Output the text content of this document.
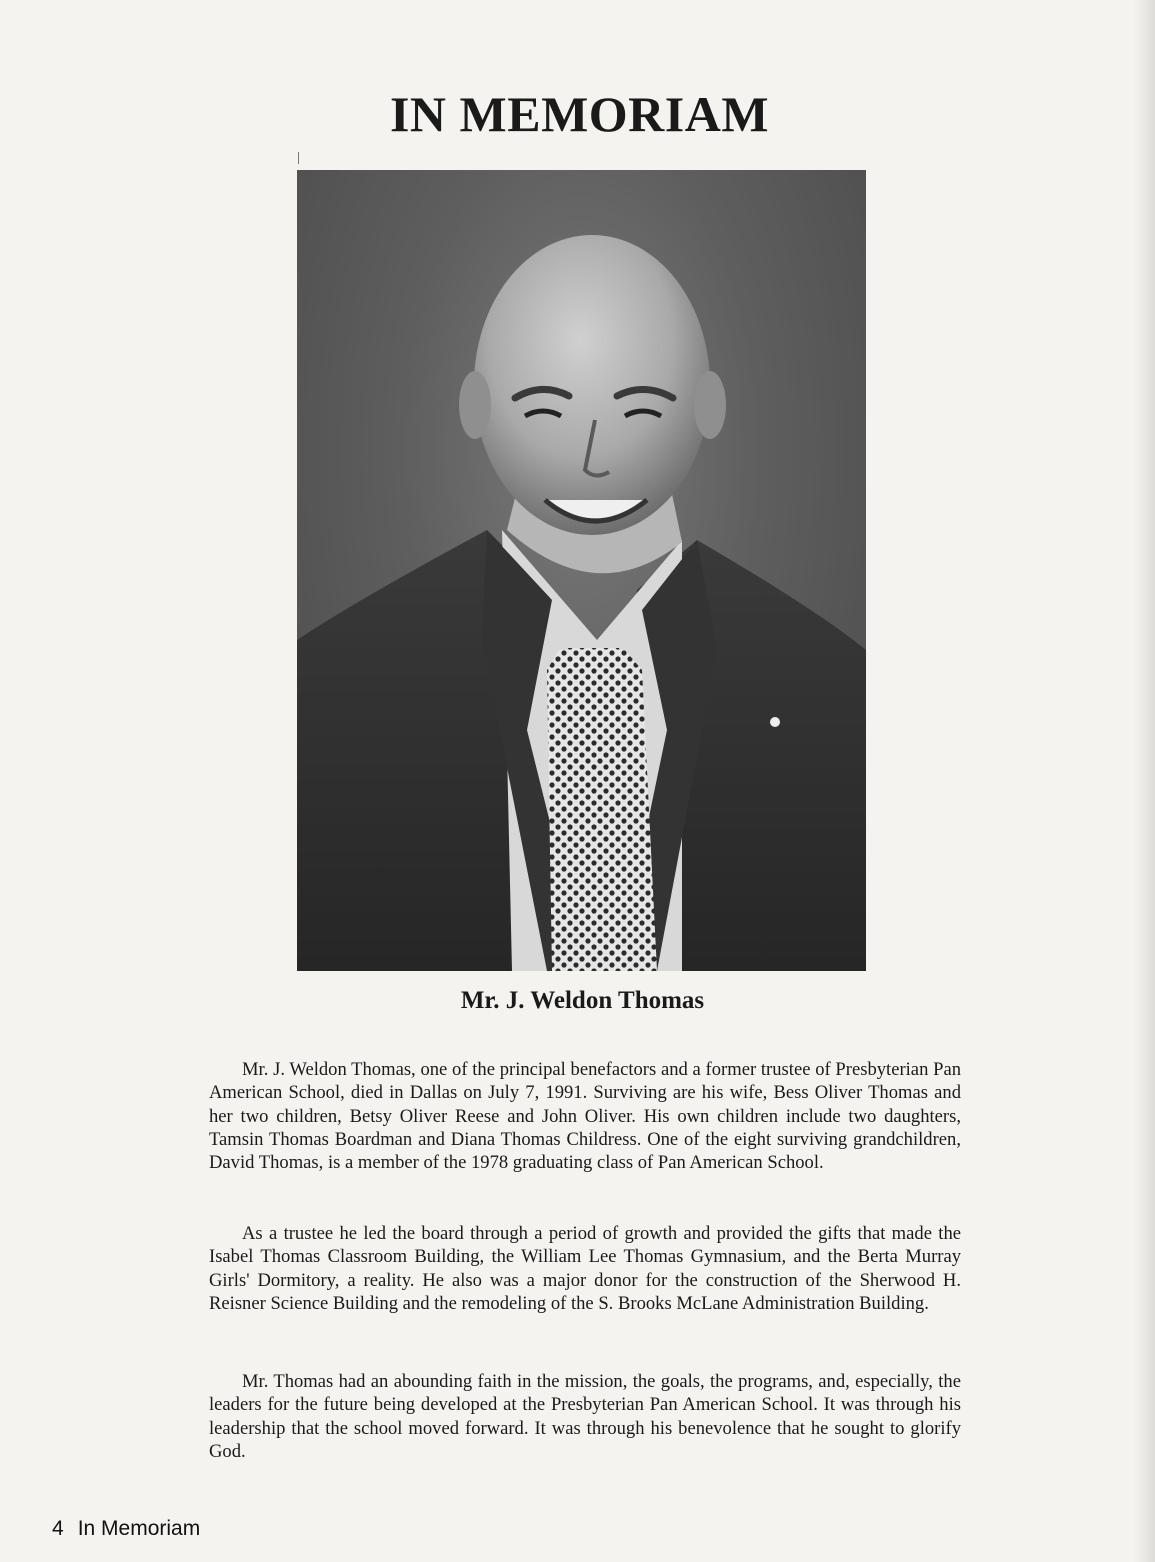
IN MEMORIAM
Mr. J. Weldon Thomas

Mr. J. Weldon Thomas, one of the principal benefactors and a former trustee of Presbyterian Pan American School, died in Dallas on July 7, 1991. Surviving are his wife, Bess Oliver Thomas and her two children, Betsy Oliver Reese and John Oliver. His own children include two daughters, Tamsin Thomas Boardman and Diana Thomas Childress. One of the eight surviving grandchildren, David Thomas, is a member of the 1978 graduating class of Pan American School.

As a trustee he led the board through a period of growth and provided the gifts that made the Isabel Thomas Classroom Building, the William Lee Thomas Gymnasium, and the Berta Murray Girls' Dormitory, a reality. He also was a major donor for the construction of the Sherwood H. Reisner Science Building and the remodeling of the S. Brooks McLane Administration Building.

Mr. Thomas had an abounding faith in the mission, the goals, the programs, and, especially, the leaders for the future being developed at the Presbyterian Pan American School. It was through his leadership that the school moved forward. It was through his benevolence that he sought to glorify God.

4 In Memoriam
